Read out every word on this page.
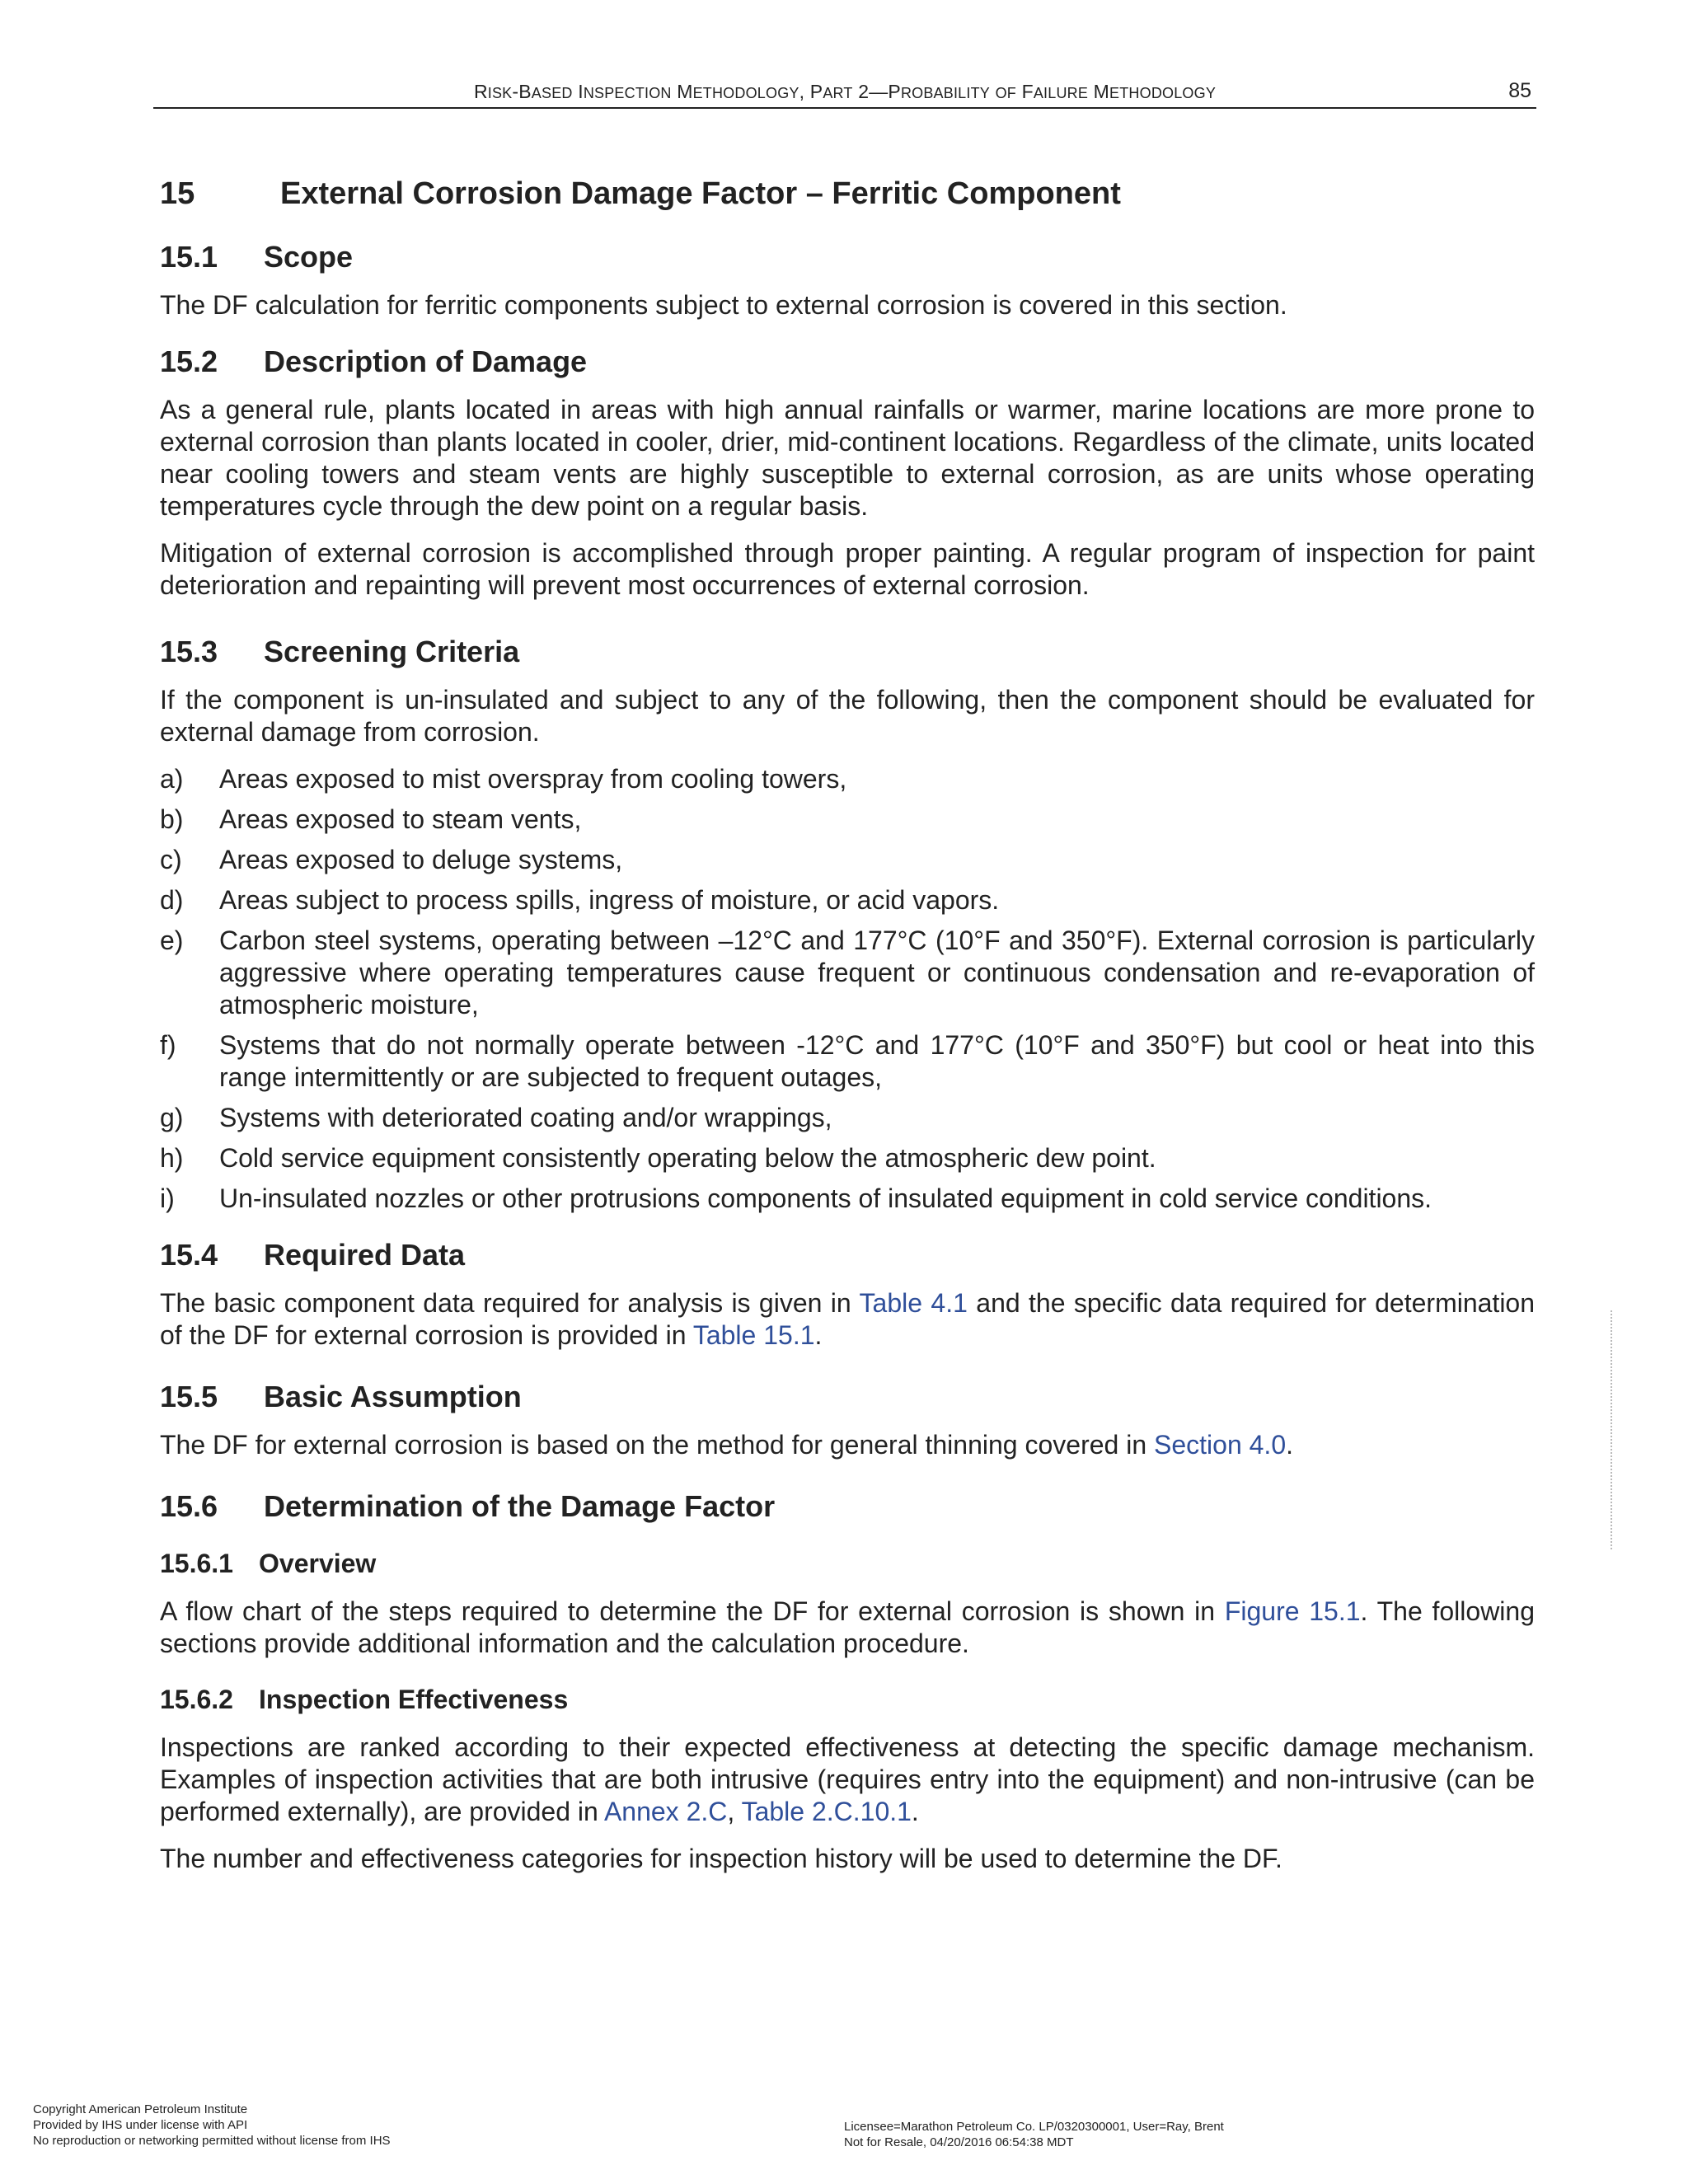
RISK-BASED INSPECTION METHODOLOGY, PART 2—PROBABILITY OF FAILURE METHODOLOGY	85
15	External Corrosion Damage Factor – Ferritic Component
15.1	Scope

The DF calculation for ferritic components subject to external corrosion is covered in this section.

15.2	Description of Damage

As a general rule, plants located in areas with high annual rainfalls or warmer, marine locations are more prone to external corrosion than plants located in cooler, drier, mid-continent locations. Regardless of the climate, units located near cooling towers and steam vents are highly susceptible to external corrosion, as are units whose operating temperatures cycle through the dew point on a regular basis.

Mitigation of external corrosion is accomplished through proper painting. A regular program of inspection for paint deterioration and repainting will prevent most occurrences of external corrosion.

15.3	Screening Criteria

If the component is un-insulated and subject to any of the following, then the component should be evaluated for external damage from corrosion.

a)	Areas exposed to mist overspray from cooling towers,
b)	Areas exposed to steam vents,
c)	Areas exposed to deluge systems,
d)	Areas subject to process spills, ingress of moisture, or acid vapors.
e)	Carbon steel systems, operating between –12°C and 177°C (10°F and 350°F). External corrosion is particularly aggressive where operating temperatures cause frequent or continuous condensation and re-evaporation of atmospheric moisture,
f)	Systems that do not normally operate between -12°C and 177°C (10°F and 350°F) but cool or heat into this range intermittently or are subjected to frequent outages,
g)	Systems with deteriorated coating and/or wrappings,
h)	Cold service equipment consistently operating below the atmospheric dew point.
i)	Un-insulated nozzles or other protrusions components of insulated equipment in cold service conditions.
15.4	Required Data

The basic component data required for analysis is given in Table 4.1 and the specific data required for determination of the DF for external corrosion is provided in Table 15.1.

15.5	Basic Assumption

The DF for external corrosion is based on the method for general thinning covered in Section 4.0.

15.6	Determination of the Damage Factor
15.6.1 Overview

A flow chart of the steps required to determine the DF for external corrosion is shown in Figure 15.1. The following sections provide additional information and the calculation procedure.

15.6.2 Inspection Effectiveness

Inspections are ranked according to their expected effectiveness at detecting the specific damage mechanism. Examples of inspection activities that are both intrusive (requires entry into the equipment) and non-intrusive (can be performed externally), are provided in Annex 2.C, Table 2.C.10.1.

The number and effectiveness categories for inspection history will be used to determine the DF.

Copyright American Petroleum Institute
Provided by IHS under license with API
No reproduction or networking permitted without license from IHS
Licensee=Marathon Petroleum Co. LP/0320300001, User=Ray, Brent
Not for Resale, 04/20/2016 06:54:38 MDT
